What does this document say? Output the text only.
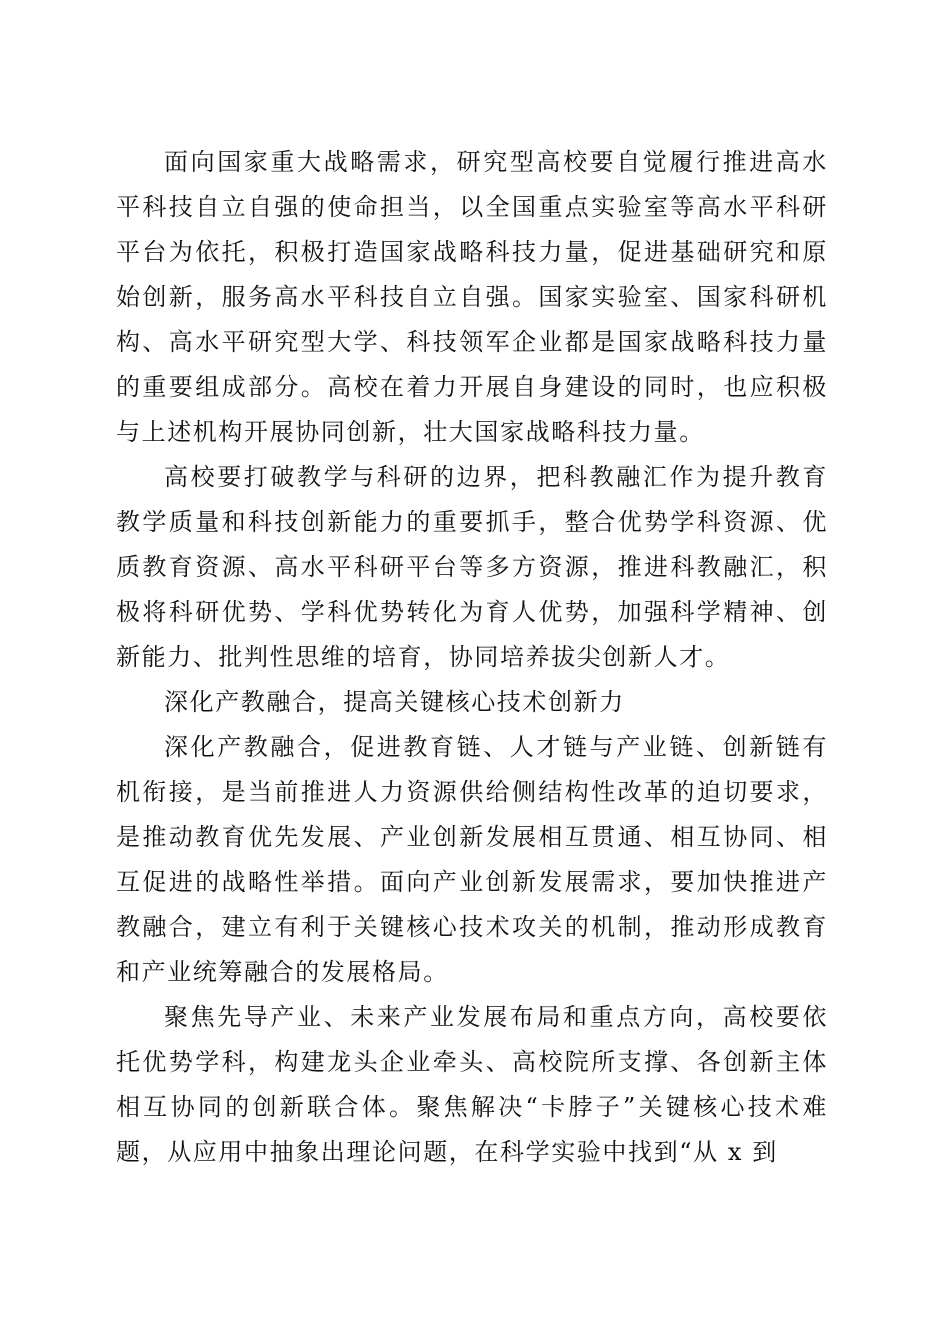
面向国家重大战略需求，研究型高校要自觉履行推进高水平科技自立自强的使命担当，以全国重点实验室等高水平科研平台为依托，积极打造国家战略科技力量，促进基础研究和原始创新，服务高水平科技自立自强。国家实验室、国家科研机构、高水平研究型大学、科技领军企业都是国家战略科技力量的重要组成部分。高校在着力开展自身建设的同时，也应积极与上述机构开展协同创新，壮大国家战略科技力量。

高校要打破教学与科研的边界，把科教融汇作为提升教育教学质量和科技创新能力的重要抓手，整合优势学科资源、优质教育资源、高水平科研平台等多方资源，推进科教融汇，积极将科研优势、学科优势转化为育人优势，加强科学精神、创新能力、批判性思维的培育，协同培养拔尖创新人才。

深化产教融合，提高关键核心技术创新力

深化产教融合，促进教育链、人才链与产业链、创新链有机衔接，是当前推进人力资源供给侧结构性改革的迫切要求，是推动教育优先发展、产业创新发展相互贯通、相互协同、相互促进的战略性举措。面向产业创新发展需求，要加快推进产教融合，建立有利于关键核心技术攻关的机制，推动形成教育和产业统筹融合的发展格局。

聚焦先导产业、未来产业发展布局和重点方向，高校要依托优势学科，构建龙头企业牵头、高校院所支撑、各创新主体相互协同的创新联合体。聚焦解决“卡脖子”关键核心技术难题，从应用中抽象出理论问题，在科学实验中找到“从 x 到
